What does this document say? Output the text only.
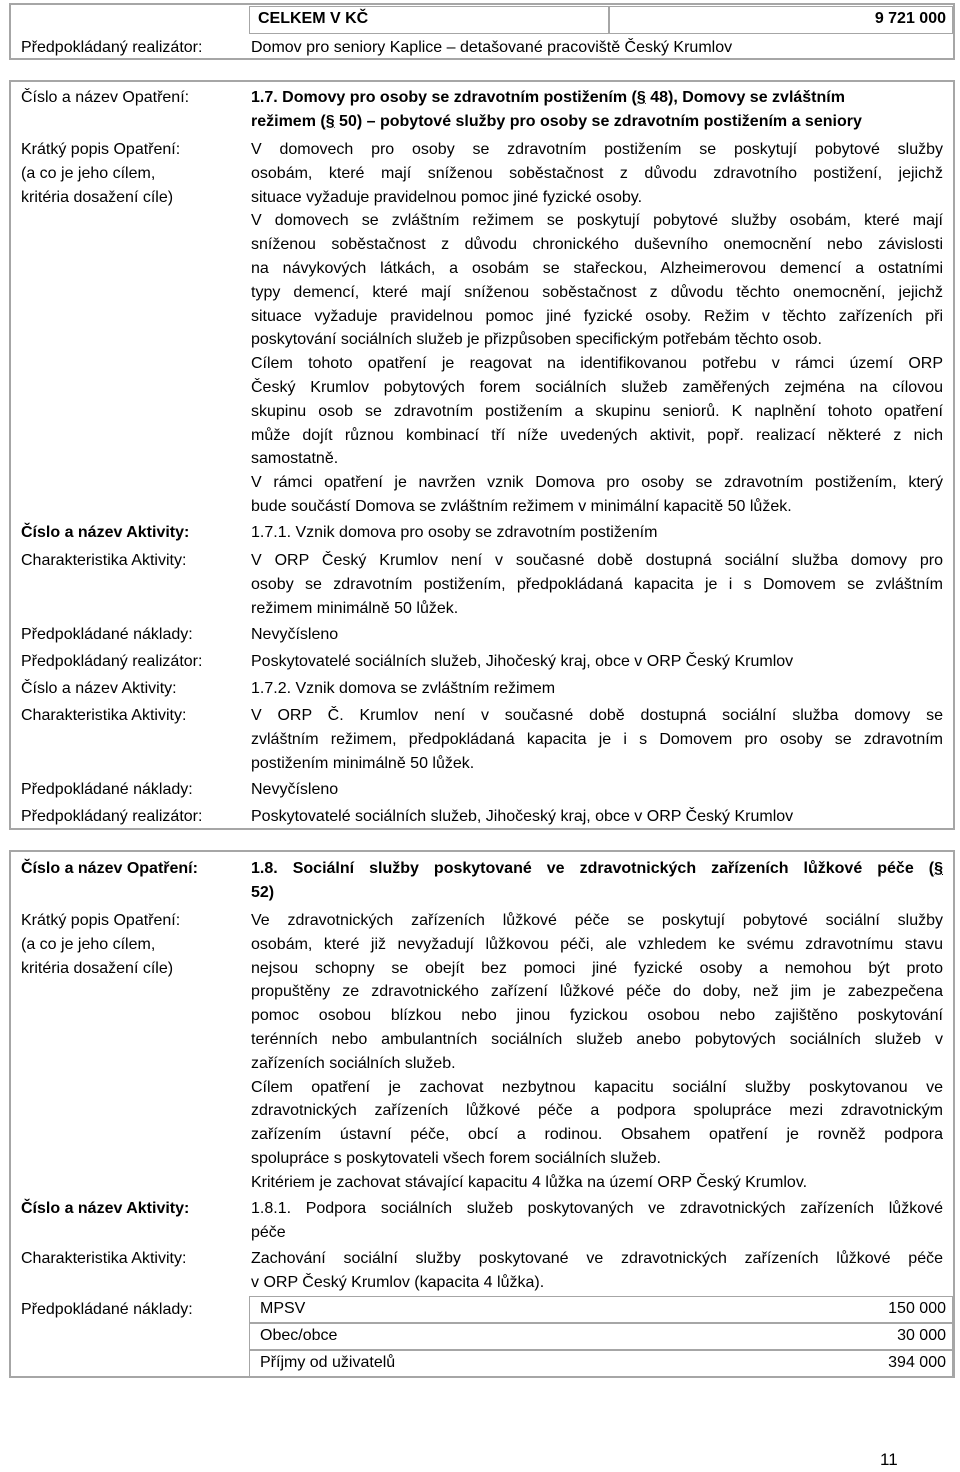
CELKEM V KČ	9 721 000
Předpokládaný realizátor:	Domov pro seniory Kaplice – detašované pracoviště Český Krumlov
Číslo a název Opatření:	1.7. Domovy pro osoby se zdravotním postižením (§ 48), Domovy se zvláštním
režimem (§ 50) – pobytové služby pro osoby se zdravotním postižením a seniory
Krátký popis Opatření:
(a co je jeho cílem,
kritéria dosažení cíle)
V domovech pro osoby se zdravotním postižením se poskytují pobytové služby
osobám, které mají sníženou soběstačnost z důvodu zdravotního postižení, jejichž
situace vyžaduje pravidelnou pomoc jiné fyzické osoby.
V domovech se zvláštním režimem se poskytují pobytové služby osobám, které mají
sníženou soběstačnost z důvodu chronického duševního onemocnění nebo závislosti
na návykových látkách, a osobám se stařeckou, Alzheimerovou demencí a ostatními
typy demencí, které mají sníženou soběstačnost z důvodu těchto onemocnění, jejichž
situace vyžaduje pravidelnou pomoc jiné fyzické osoby. Režim v těchto zařízeních při
poskytování sociálních služeb je přizpůsoben specifickým potřebám těchto osob.
Cílem tohoto opatření je reagovat na identifikovanou potřebu v rámci území ORP
Český Krumlov pobytových forem sociálních služeb zaměřených zejména na cílovou
skupinu osob se zdravotním postižením a skupinu seniorů. K naplnění tohoto opatření
může dojít různou kombinací tří níže uvedených aktivit, popř. realizací některé z nich
samostatně.
V rámci opatření je navržen vznik Domova pro osoby se zdravotním postižením, který
bude součástí Domova se zvláštním režimem v minimální kapacitě 50 lůžek.
Číslo a název Aktivity:	1.7.1. Vznik domova pro osoby se zdravotním postižením
Charakteristika Aktivity:	V ORP Český Krumlov není v současné době dostupná sociální služba domovy pro
osoby se zdravotním postižením, předpokládaná kapacita je i s Domovem se zvláštním
režimem minimálně 50 lůžek.
Předpokládané náklady:	Nevyčísleno
Předpokládaný realizátor:	Poskytovatelé sociálních služeb, Jihočeský kraj, obce v ORP Český Krumlov
Číslo a název Aktivity:	1.7.2. Vznik domova se zvláštním režimem
Charakteristika Aktivity:	V ORP Č. Krumlov není v současné době dostupná sociální služba domovy se
zvláštním režimem, předpokládaná kapacita je i s Domovem pro osoby se zdravotním
postižením minimálně 50 lůžek.
Předpokládané náklady:	Nevyčísleno
Předpokládaný realizátor:	Poskytovatelé sociálních služeb, Jihočeský kraj, obce v ORP Český Krumlov
Číslo a název Opatření:	1.8. Sociální služby poskytované ve zdravotnických zařízeních lůžkové péče (§
52)
Krátký popis Opatření:
(a co je jeho cílem,
kritéria dosažení cíle)
Ve zdravotnických zařízeních lůžkové péče se poskytují pobytové sociální služby
osobám, které již nevyžadují lůžkovou péči, ale vzhledem ke svému zdravotnímu stavu
nejsou schopny se obejít bez pomoci jiné fyzické osoby a nemohou být proto
propuštěny ze zdravotnického zařízení lůžkové péče do doby, než jim je zabezpečena
pomoc osobou blízkou nebo jinou fyzickou osobou nebo zajištěno poskytování
terénních nebo ambulantních sociálních služeb anebo pobytových sociálních služeb v
zařízeních sociálních služeb.
Cílem opatření je zachovat nezbytnou kapacitu sociální služby poskytovanou ve
zdravotnických zařízeních lůžkové péče a podpora spolupráce mezi zdravotnickým
zařízením ústavní péče, obcí a rodinou. Obsahem opatření je rovněž podpora
spolupráce s poskytovateli všech forem sociálních služeb.
Kritériem je zachovat stávající kapacitu 4 lůžka na území ORP Český Krumlov.
Číslo a název Aktivity:	1.8.1. Podpora sociálních služeb poskytovaných ve zdravotnických zařízeních lůžkové
péče
Charakteristika Aktivity:	Zachování sociální služby poskytované ve zdravotnických zařízeních lůžkové péče
v ORP Český Krumlov (kapacita 4 lůžka).
Předpokládané náklady:	MPSV	150 000
Obec/obce	30 000
Příjmy od uživatelů	394 000
11
